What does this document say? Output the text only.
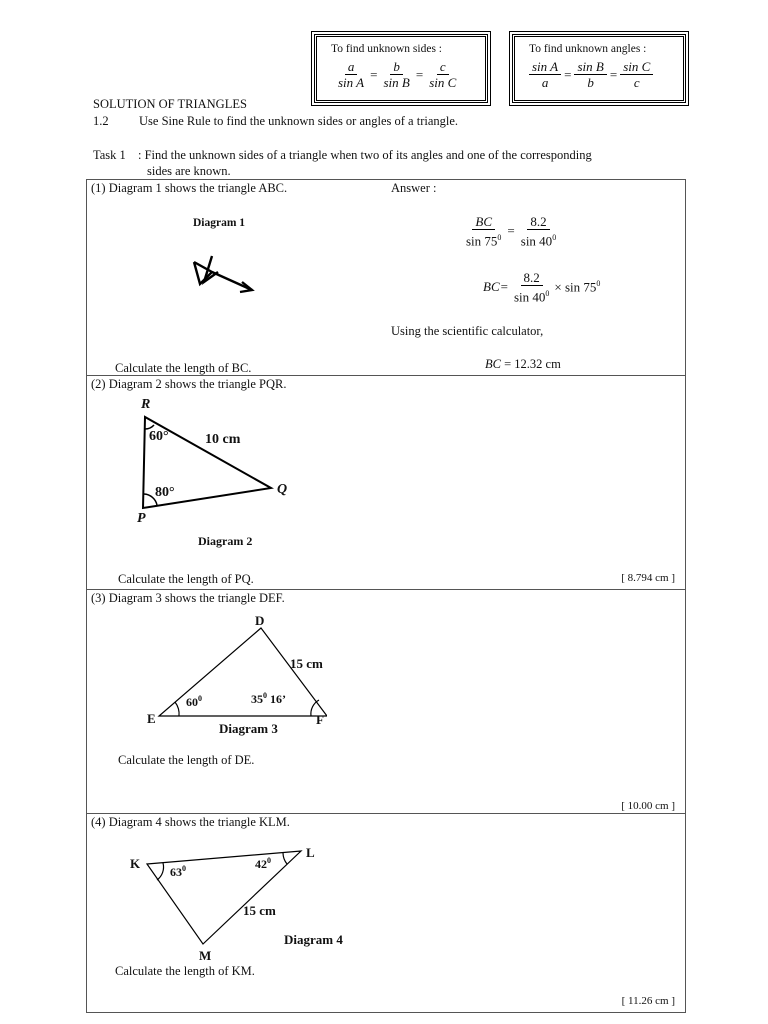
To find unknown sides :
$\frac{a}{\text{sin A}} = \frac{b}{\text{sin B}} = \frac{c}{\text{sin C}}$
To find unknown angles :
$\frac{\text{sin A}}{a} = \frac{\text{sin B}}{b} = \frac{\text{sin C}}{c}$
SOLUTION OF TRIANGLES
1.2 Use Sine Rule to find the unknown sides or angles of a triangle.
Task 1 : Find the unknown sides of a triangle when two of its angles and one of the corresponding
sides are known.
(1) Diagram 1 shows the triangle ABC.	Answer :
Diagram 1	$\frac{BC}{\sin 75^0} = \frac{8.2}{\sin 40^0}$
BC = $\frac{8.2}{\sin 40^0} \times \sin 75^0$
Using the scientific calculator,
Calculate the length of BC.	BC = 12.32 cm
(2) Diagram 2 shows the triangle PQR.
R
P
Q
60°
80°
10 cm
Diagram 2
Calculate the length of PQ.	[ 8.794 cm ]
(3) Diagram 3 shows the triangle DEF.
D
E	F
$60^0$	$35^0$ 16’
15 cm
Diagram 3
Calculate the length of DE.
[ 10.00 cm ]
(4) Diagram 4 shows the triangle KLM.
K
L
M
$63^0$	$42^0$
15 cm
Diagram 4
Calculate the length of KM.
[ 11.26 cm ]
